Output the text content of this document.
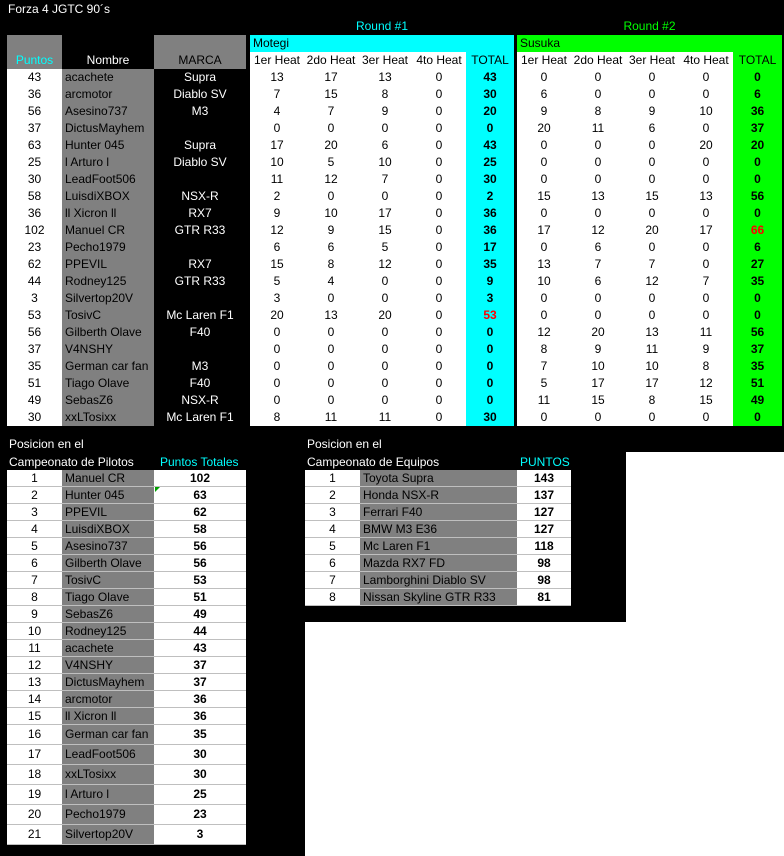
Forza 4 JGTC 90´s
Round #1	Round #2
Motegi	Susuka
Puntos	Nombre	MARCA		1er Heat	2do Heat	3er Heat	4to Heat	TOTAL		1er Heat	2do Heat	3er Heat	4to Heat	TOTAL
43	acachete	Supra		13	17	13	0	43		0	0	0	0	0
36	arcmotor	Diablo SV		7	15	8	0	30		6	0	0	0	6
56	Asesino737	M3		4	7	9	0	20		9	8	9	10	36
37	DictusMayhem			0	0	0	0	0		20	11	6	0	37
63	Hunter 045	Supra		17	20	6	0	43		0	0	0	20	20
25	l Arturo l	Diablo SV		10	5	10	0	25		0	0	0	0	0
30	LeadFoot506			11	12	7	0	30		0	0	0	0	0
58	LuisdiXBOX	NSX-R		2	0	0	0	2		15	13	15	13	56
36	ll Xicron ll	RX7		9	10	17	0	36		0	0	0	0	0
102	Manuel CR	GTR R33		12	9	15	0	36		17	12	20	17	66
23	Pecho1979			6	6	5	0	17		0	6	0	0	6
62	PPEVIL	RX7		15	8	12	0	35		13	7	7	0	27
44	Rodney125	GTR R33		5	4	0	0	9		10	6	12	7	35
3	Silvertop20V			3	0	0	0	3		0	0	0	0	0
53	TosivC	Mc Laren F1		20	13	20	0	53		0	0	0	0	0
56	Gilberth Olave	F40		0	0	0	0	0		12	20	13	11	56
37	V4NSHY			0	0	0	0	0		8	9	11	9	37
35	German car fan	M3		0	0	0	0	0		7	10	10	8	35
51	Tiago Olave	F40		0	0	0	0	0		5	17	17	12	51
49	SebasZ6	NSX-R		0	0	0	0	0		11	15	8	15	49
30	xxLTosixx	Mc Laren F1		8	11	11	0	30		0	0	0	0	0
Posicion en el
Campeonato de Pilotos Puntos Totales
1	Manuel CR	102
2	Hunter 045	63
3	PPEVIL	62
4	LuisdiXBOX	58
5	Asesino737	56
6	Gilberth Olave	56
7	TosivC	53
8	Tiago Olave	51
9	SebasZ6	49
10	Rodney125	44
11	acachete	43
12	V4NSHY	37
13	DictusMayhem	37
14	arcmotor	36
15	ll Xicron ll	36
16	German car fan	35
17	LeadFoot506	30
18	xxLTosixx	30
19	l Arturo l	25
20	Pecho1979	23
21	Silvertop20V	3
Posicion en el
Campeonato de Equipos	PUNTOS
1	Toyota Supra	143
2	Honda NSX-R	137
3	Ferrari F40	127
4	BMW M3 E36	127
5	Mc Laren F1	118
6	Mazda RX7 FD	98
7	Lamborghini Diablo SV	98
8	Nissan Skyline GTR R33	81
